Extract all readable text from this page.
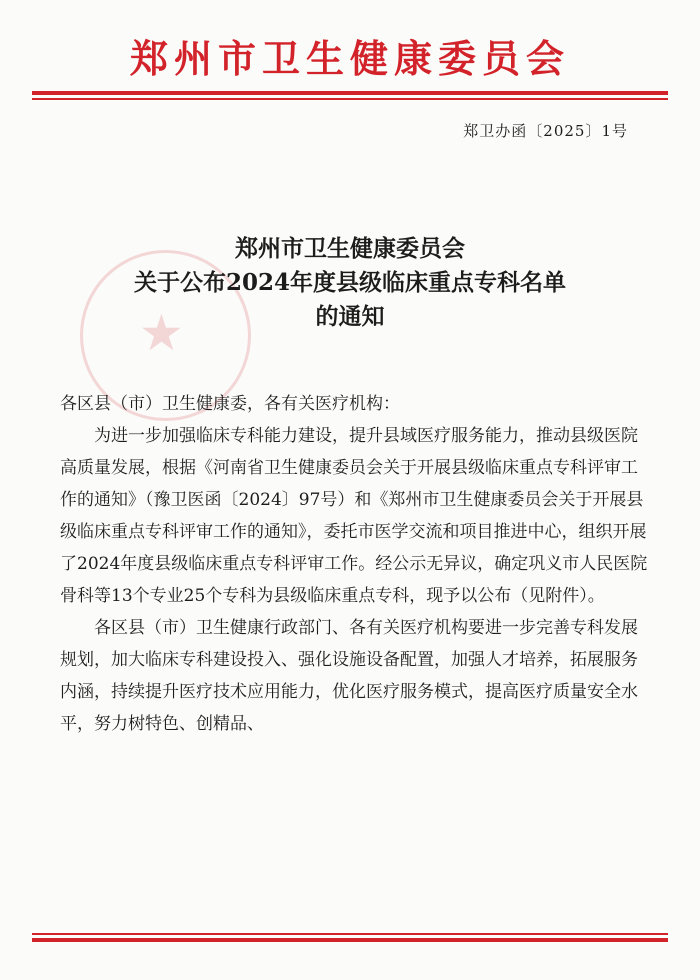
郑州市卫生健康委员会
郑卫办函〔2025〕1号
★
郑州市卫生健康委员会
关于公布2024年度县级临床重点专科名单
的通知

各区县（市）卫生健康委，各有关医疗机构：

为进一步加强临床专科能力建设，提升县域医疗服务能力，推动县级医院高质量发展，根据《河南省卫生健康委员会关于开展县级临床重点专科评审工作的通知》（豫卫医函〔2024〕97号）和《郑州市卫生健康委员会关于开展县级临床重点专科评审工作的通知》，委托市医学交流和项目推进中心，组织开展了2024年度县级临床重点专科评审工作。经公示无异议，确定巩义市人民医院骨科等13个专业25个专科为县级临床重点专科，现予以公布（见附件）。

各区县（市）卫生健康行政部门、各有关医疗机构要进一步完善专科发展规划，加大临床专科建设投入、强化设施设备配置，加强人才培养，拓展服务内涵，持续提升医疗技术应用能力，优化医疗服务模式，提高医疗质量安全水平，努力树特色、创精品、
